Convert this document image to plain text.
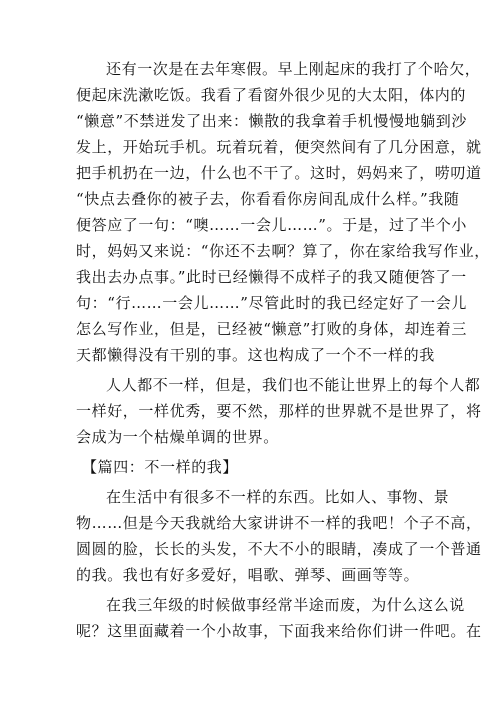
还有一次是在去年寒假。早上刚起床的我打了个哈欠，
便起床洗漱吃饭。我看了看窗外很少见的大太阳，体内的
“懒意”不禁迸发了出来：懒散的我拿着手机慢慢地躺到沙
发上，开始玩手机。玩着玩着，便突然间有了几分困意，就
把手机扔在一边，什么也不干了。这时，妈妈来了，唠叨道
“快点去叠你的被子去，你看看你房间乱成什么样。”我随
便答应了一句：“噢……一会儿……”。于是，过了半个小
时，妈妈又来说：“你还不去啊？算了，你在家给我写作业，
我出去办点事。”此时已经懒得不成样子的我又随便答了一
句：“行……一会儿……”尽管此时的我已经定好了一会儿
怎么写作业，但是，已经被“懒意”打败的身体，却连着三
天都懒得没有干别的事。这也构成了一个不一样的我
人人都不一样，但是，我们也不能让世界上的每个人都
一样好，一样优秀，要不然，那样的世界就不是世界了，将
会成为一个枯燥单调的世界。
【篇四：不一样的我】
在生活中有很多不一样的东西。比如人、事物、景
物……但是今天我就给大家讲讲不一样的我吧！个子不高，
圆圆的脸，长长的头发，不大不小的眼睛，凑成了一个普通
的我。我也有好多爱好，唱歌、弹琴、画画等等。
在我三年级的时候做事经常半途而废，为什么这么说
呢？这里面藏着一个小故事，下面我来给你们讲一件吧。在
